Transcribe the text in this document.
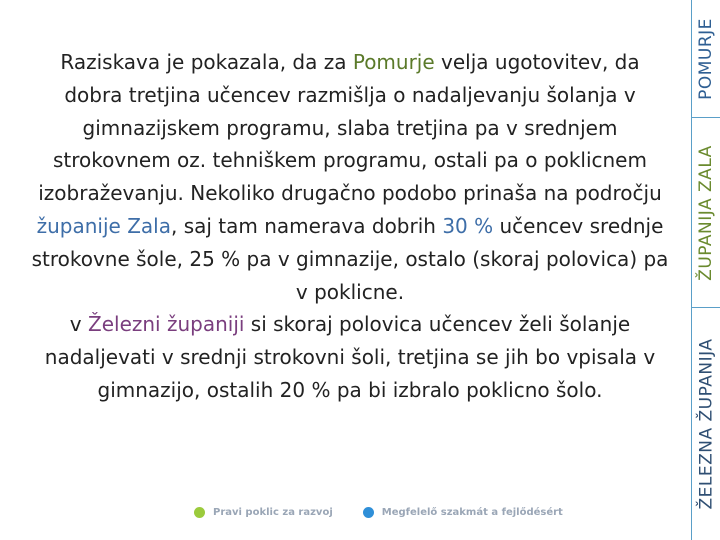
Raziskava je pokazala, da za Pomurje velja ugotovitev, da dobra tretjina učencev razmišlja o nadaljevanju šolanja v gimnazijskem programu, slaba tretjina pa v srednjem strokovnem oz. tehniškem programu, ostali pa o poklicnem izobraževanju. Nekoliko drugačno podobo prinaša na področju županije Zala, saj tam namerava dobrih 30 % učencev srednje strokovne šole, 25 % pa v gimnazije, ostalo (skoraj polovica) pa v poklicne.
v Železni županiji si skoraj polovica učencev želi šolanje nadaljevati v srednji strokovni šoli, tretjina se jih bo vpisala v gimnazijo, ostalih 20 % pa bi izbralo poklicno šolo.
POMURJE
ŽUPANIJA ZALA
ŽELEZNA ŽUPANIJA
Pravi poklic za razvoj	Megfelelő szakmát a fejlődésért
